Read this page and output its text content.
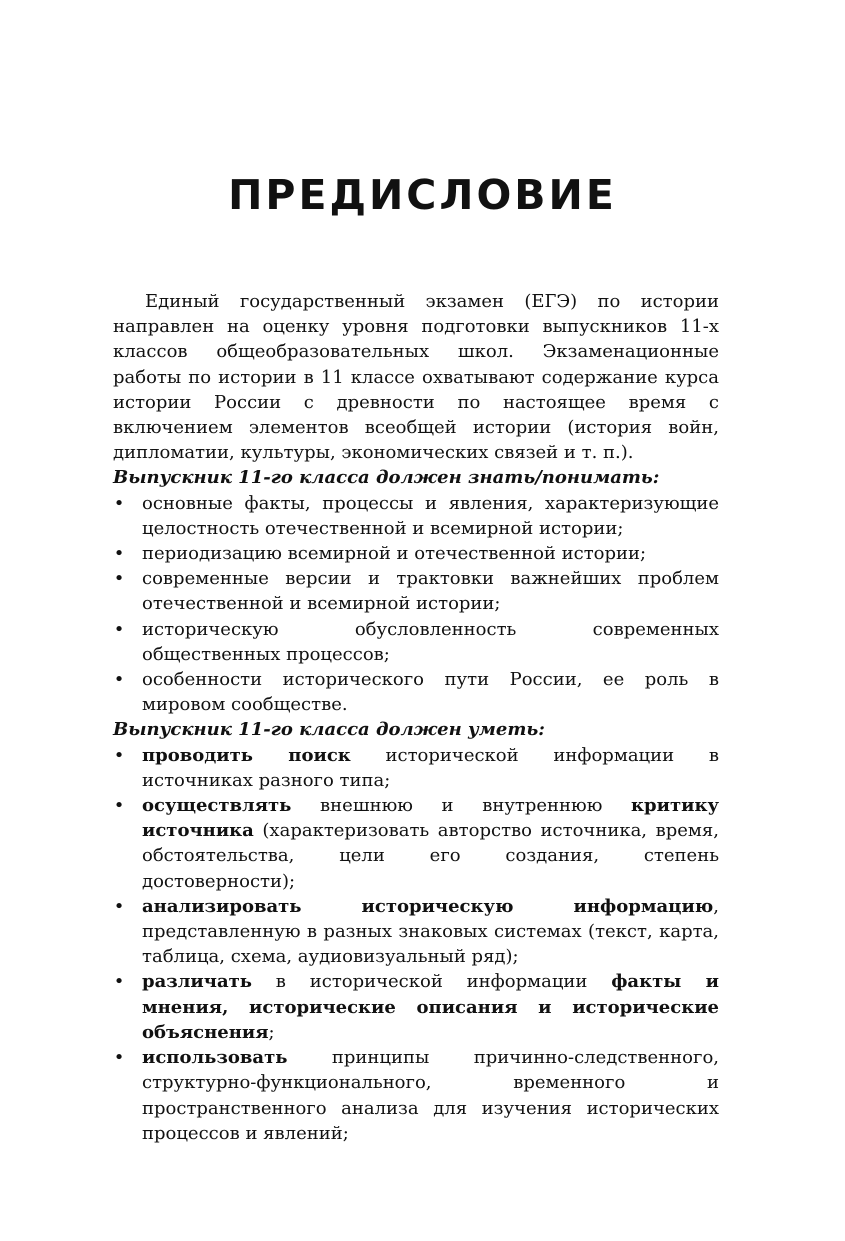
ПРЕДИСЛОВИЕ

Единый государственный экзамен (ЕГЭ) по истории направлен на оценку уровня подготовки выпускников 11-х классов общеобразовательных школ. Экзаменационные работы по истории в 11 классе охватывают содержание курса истории России с древности по настоящее время с включением элементов всеобщей истории (история войн, дипломатии, культуры, экономических связей и т. п.).

Выпускник 11-го класса должен знать/понимать:

• основные факты, процессы и явления, характеризующие целостность отечественной и всемирной истории;
• периодизацию всемирной и отечественной истории;
• современные версии и трактовки важнейших проблем отечественной и всемирной истории;
• историческую обусловленность современных общественных процессов;
• особенности исторического пути России, ее роль в мировом сообществе.

Выпускник 11-го класса должен уметь:

• проводить поиск исторической информации в источниках разного типа;
• осуществлять внешнюю и внутреннюю критику источника (характеризовать авторство источника, время, обстоятельства, цели его создания, степень достоверности);
• анализировать историческую информацию, представленную в разных знаковых системах (текст, карта, таблица, схема, аудиовизуальный ряд);
• различать в исторической информации факты и мнения, исторические описания и исторические объяснения;
• использовать принципы причинно-следственного, структурно-функционального, временного и пространственного анализа для изучения исторических процессов и явлений;
